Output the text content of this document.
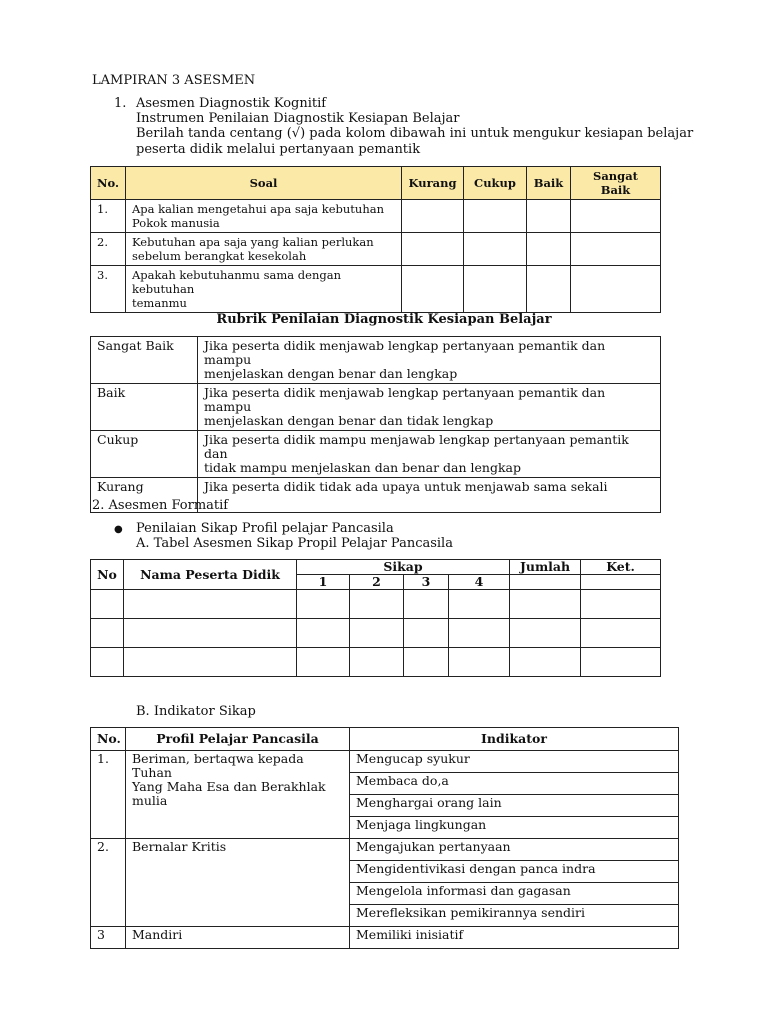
LAMPIRAN 3 ASESMEN
1. Asesmen Diagnostik Kognitif
Instrumen Penilaian Diagnostik Kesiapan Belajar
Berilah tanda centang (√) pada kolom dibawah ini untuk mengukur kesiapan belajar
peserta didik melalui pertanyaan pemantik
No.	Soal	Kurang	Cukup	Baik	Sangat Baik
1.	Apa kalian mengetahui apa saja kebutuhan
Pokok manusia				

2.	Kebutuhan apa saja yang kalian perlukan
sebelum berangkat kesekolah				

3.	Apakah kebutuhanmu sama dengan kebutuhan
temanmu				

Rubrik Penilaian Diagnostik Kesiapan Belajar
Sangat Baik	Jika peserta didik menjawab lengkap pertanyaan pemantik dan mampu
menjelaskan dengan benar dan lengkap

Baik	Jika peserta didik menjawab lengkap pertanyaan pemantik dan mampu
menjelaskan dengan benar dan tidak lengkap

Cukup	Jika peserta didik mampu menjawab lengkap pertanyaan pemantik dan
tidak mampu menjelaskan dan benar dan lengkap

Kurang	Jika peserta didik tidak ada upaya untuk menjawab sama sekali
2. Asesmen Formatif
● Penilaian Sikap Profil pelajar Pancasila
A. Tabel Asesmen Sikap Propil Pelajar Pancasila
No	Nama Peserta Didik	Sikap				Jumlah	Ket.
		1	2	3	4		

B. Indikator Sikap
No.	Profil Pelajar Pancasila	Indikator
1.	Beriman, bertaqwa kepada Tuhan
Yang Maha Esa dan Berakhlak
mulia	Mengucap syukur
		Membaca do,a
		Menghargai orang lain
		Menjaga lingkungan
2.	Bernalar Kritis	Mengajukan pertanyaan
		Mengidentivikasi dengan panca indra
		Mengelola informasi dan gagasan
		Merefleksikan pemikirannya sendiri
3	Mandiri	Memiliki inisiatif
